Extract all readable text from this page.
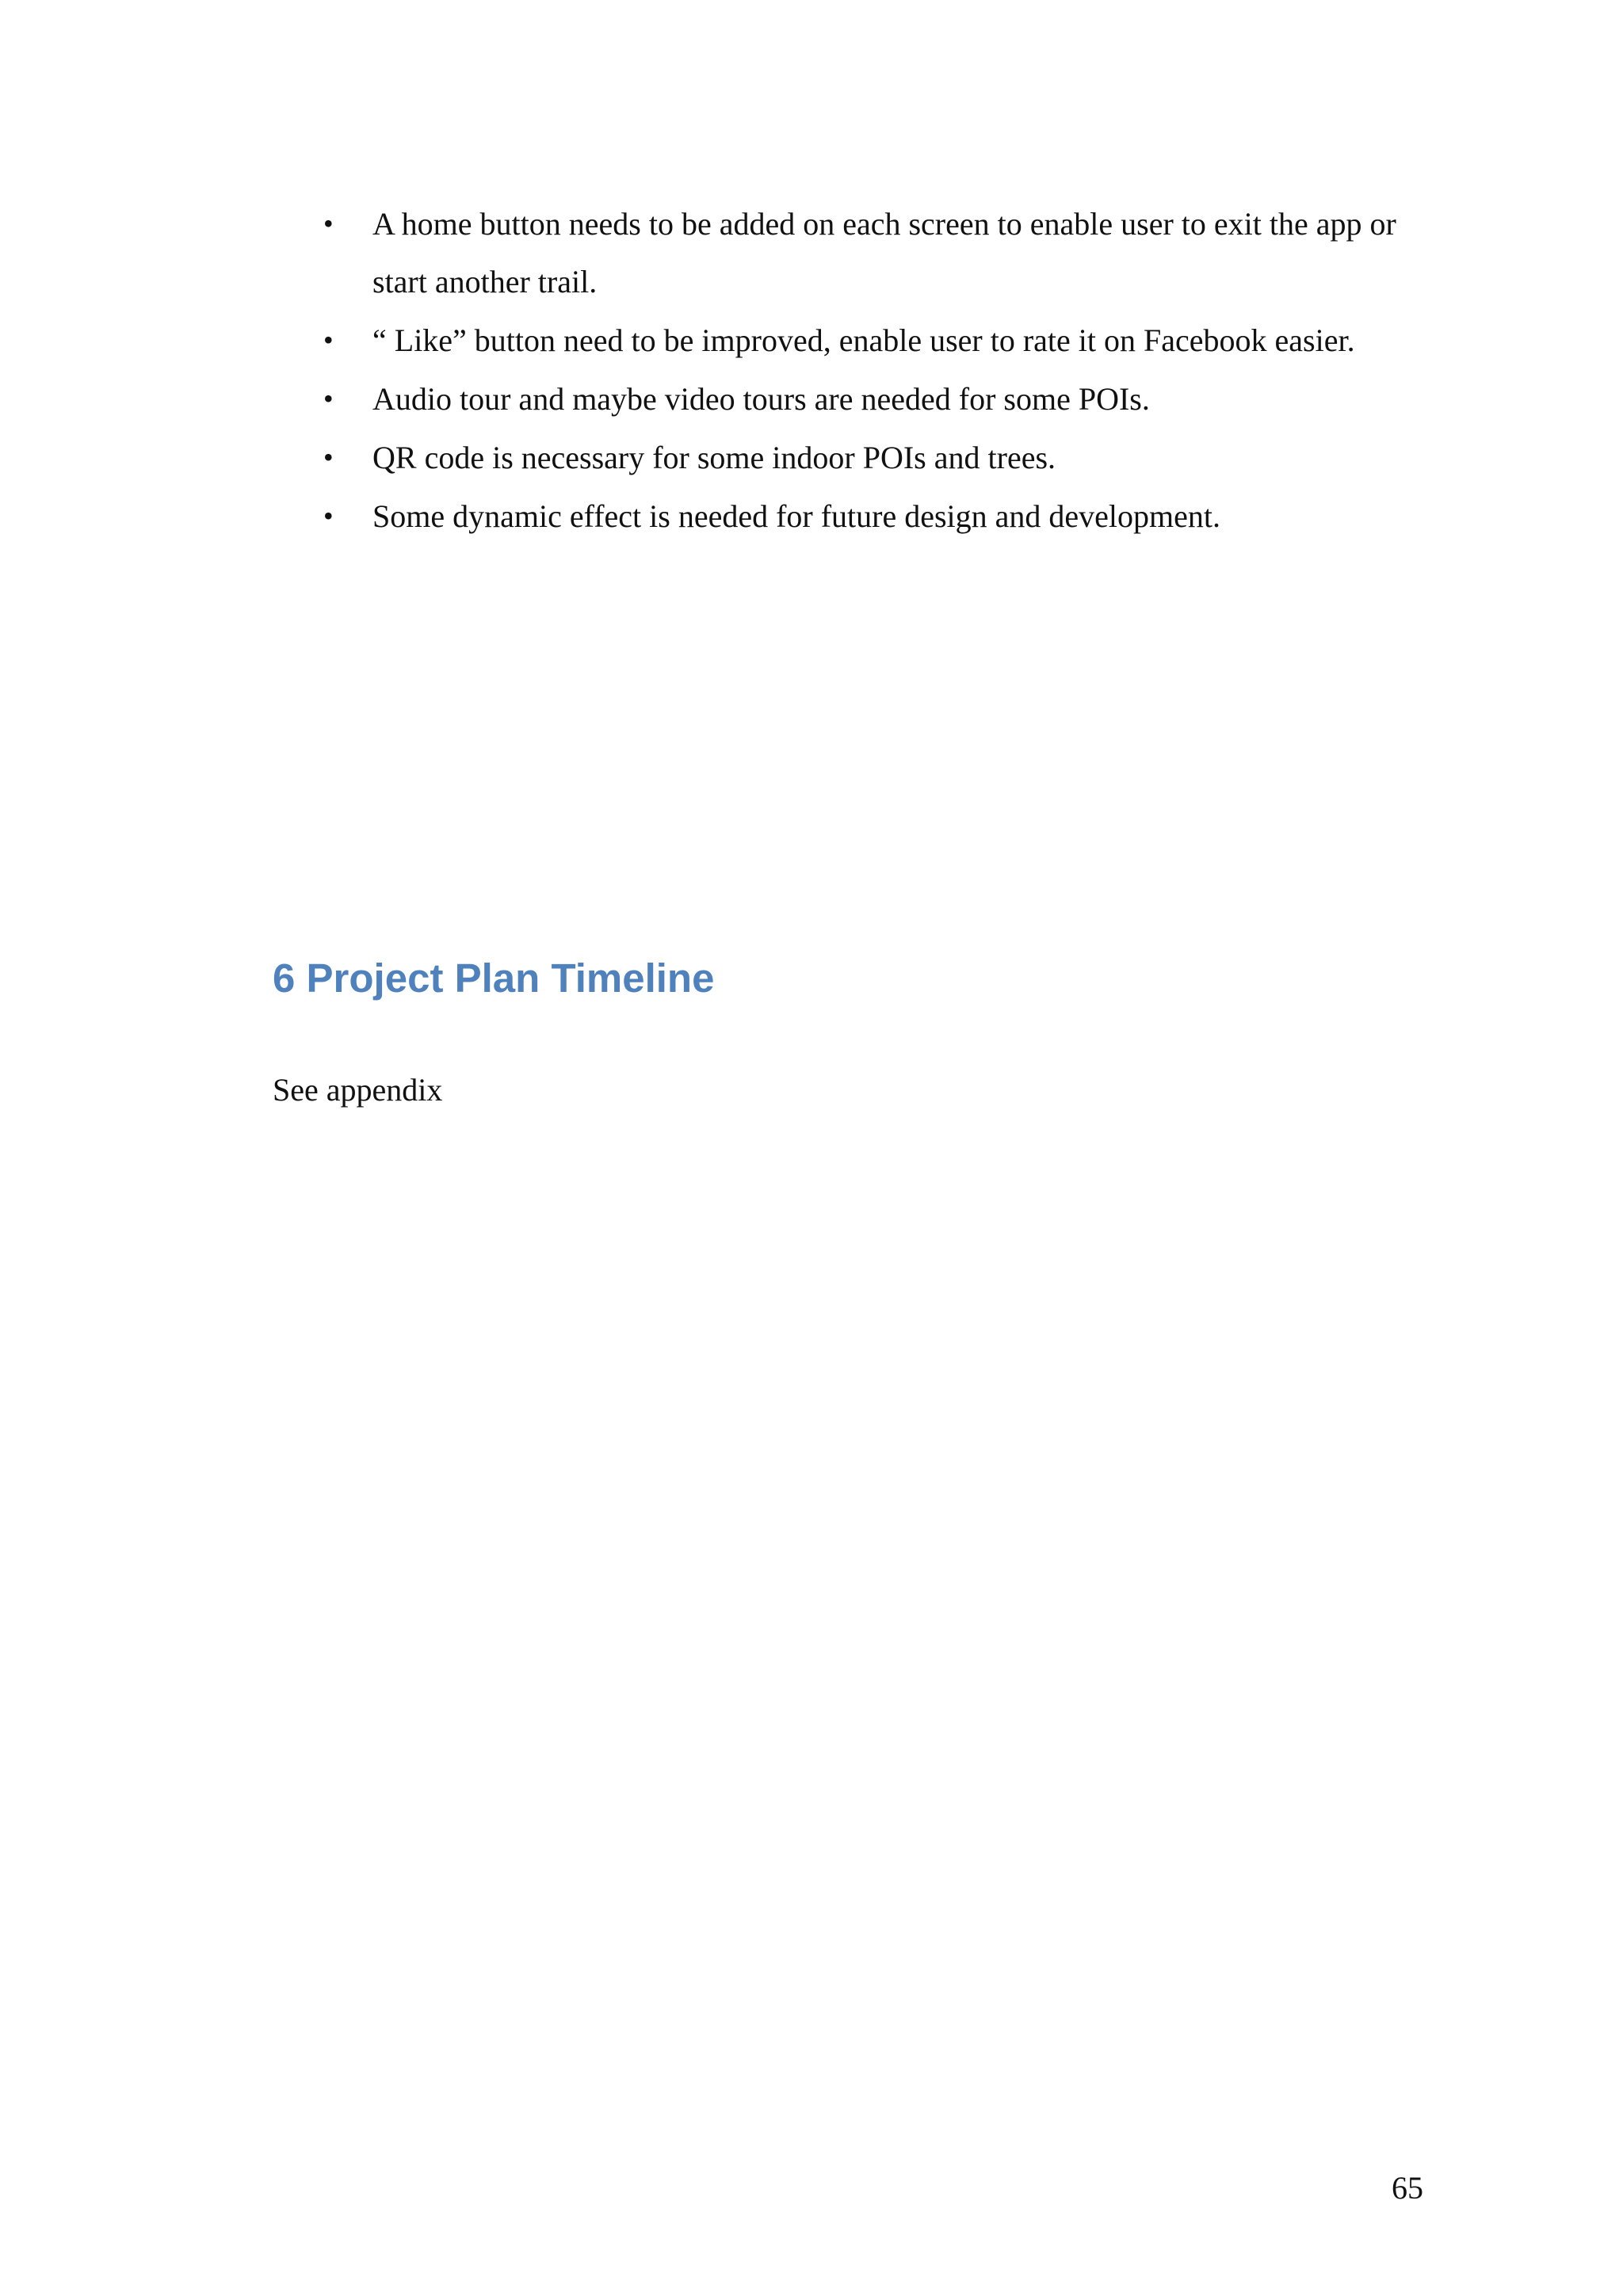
• A home button needs to be added on each screen to enable user to exit the app or start another trail.
• “ Like” button need to be improved, enable user to rate it on Facebook easier.
• Audio tour and maybe video tours are needed for some POIs.
• QR code is necessary for some indoor POIs and trees.
• Some dynamic effect is needed for future design and development.
6 Project Plan Timeline

See appendix

65
